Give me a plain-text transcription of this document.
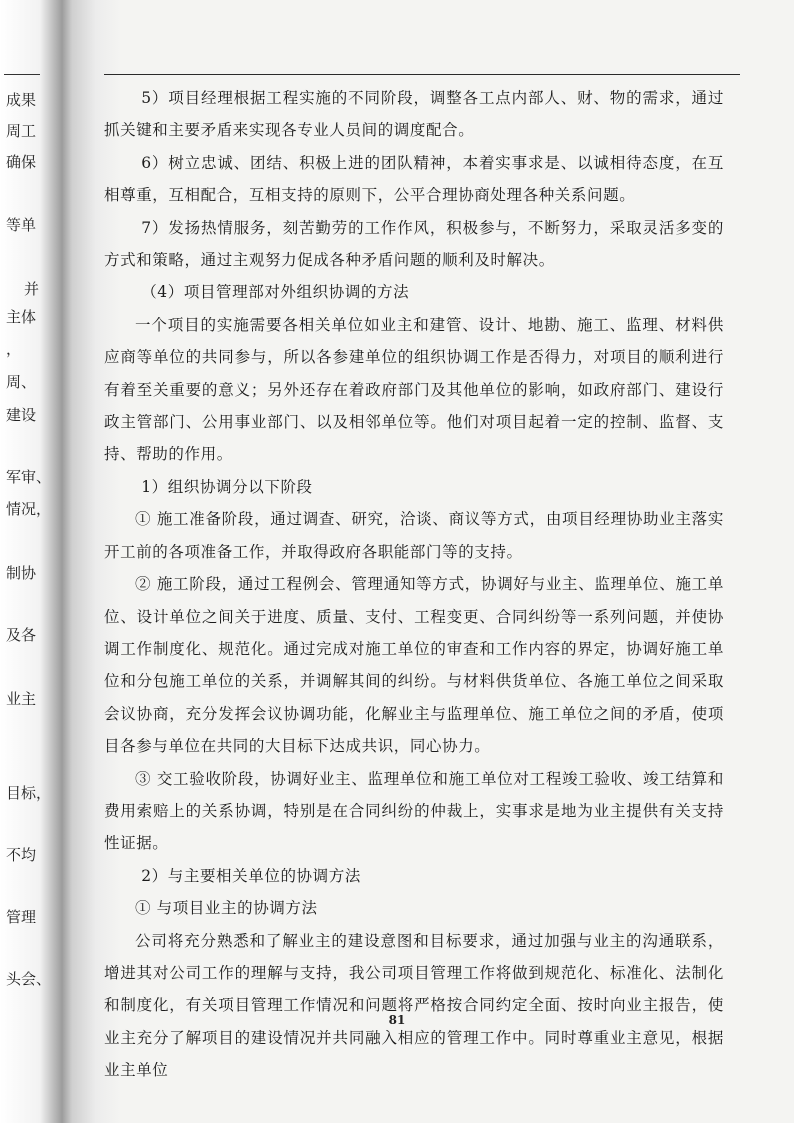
成果
周工
确保
等单
并
主体
，
周、
建设
军审、
情况，
制协
及各
业主
目标，
不均
管理
头会、

5）项目经理根据工程实施的不同阶段，调整各工点内部人、财、物的需求，通过抓关键和主要矛盾来实现各专业人员间的调度配合。

6）树立忠诚、团结、积极上进的团队精神，本着实事求是、以诚相待态度，在互相尊重，互相配合，互相支持的原则下，公平合理协商处理各种关系问题。

7）发扬热情服务，刻苦勤劳的工作作风，积极参与，不断努力，采取灵活多变的方式和策略，通过主观努力促成各种矛盾问题的顺利及时解决。

（4）项目管理部对外组织协调的方法

一个项目的实施需要各相关单位如业主和建管、设计、地勘、施工、监理、材料供应商等单位的共同参与，所以各参建单位的组织协调工作是否得力，对项目的顺利进行有着至关重要的意义；另外还存在着政府部门及其他单位的影响，如政府部门、建设行政主管部门、公用事业部门、以及相邻单位等。他们对项目起着一定的控制、监督、支持、帮助的作用。

1）组织协调分以下阶段

① 施工准备阶段，通过调查、研究，洽谈、商议等方式，由项目经理协助业主落实开工前的各项准备工作，并取得政府各职能部门等的支持。

② 施工阶段，通过工程例会、管理通知等方式，协调好与业主、监理单位、施工单位、设计单位之间关于进度、质量、支付、工程变更、合同纠纷等一系列问题，并使协调工作制度化、规范化。通过完成对施工单位的审查和工作内容的界定，协调好施工单位和分包施工单位的关系，并调解其间的纠纷。与材料供货单位、各施工单位之间采取会议协商，充分发挥会议协调功能，化解业主与监理单位、施工单位之间的矛盾，使项目各参与单位在共同的大目标下达成共识，同心协力。

③ 交工验收阶段，协调好业主、监理单位和施工单位对工程竣工验收、竣工结算和费用索赔上的关系协调，特别是在合同纠纷的仲裁上，实事求是地为业主提供有关支持性证据。

2）与主要相关单位的协调方法

① 与项目业主的协调方法

公司将充分熟悉和了解业主的建设意图和目标要求，通过加强与业主的沟通联系，增进其对公司工作的理解与支持，我公司项目管理工作将做到规范化、标准化、法制化和制度化，有关项目管理工作情况和问题将严格按合同约定全面、按时向业主报告，使业主充分了解项目的建设情况并共同融入相应的管理工作中。同时尊重业主意见，根据业主单位

81
